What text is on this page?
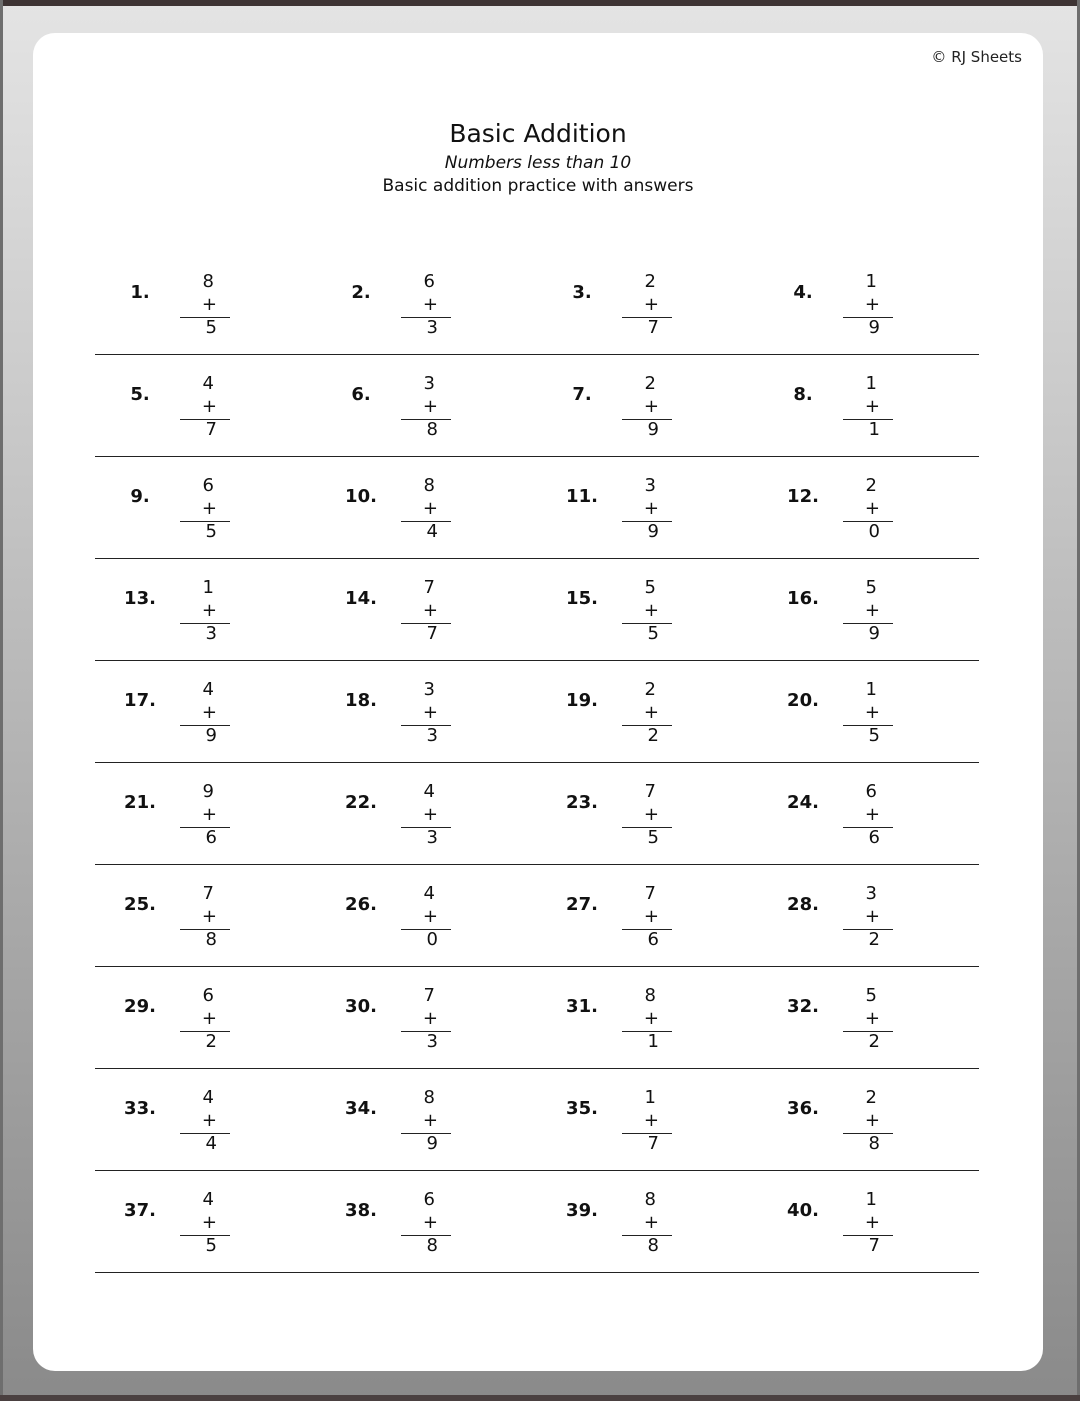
© RJ Sheets
Basic Addition
Numbers less than 10
Basic addition practice with answers
1.
8
+ 5
2.
6
+ 3
3.
2
+ 7
4.
1
+ 9
5.
4
+ 7
6.
3
+ 8
7.
2
+ 9
8.
1
+ 1
9.
6
+ 5
10.
8
+ 4
11.
3
+ 9
12.
2
+ 0
13.
1
+ 3
14.
7
+ 7
15.
5
+ 5
16.
5
+ 9
17.
4
+ 9
18.
3
+ 3
19.
2
+ 2
20.
1
+ 5
21.
9
+ 6
22.
4
+ 3
23.
7
+ 5
24.
6
+ 6
25.
7
+ 8
26.
4
+ 0
27.
7
+ 6
28.
3
+ 2
29.
6
+ 2
30.
7
+ 3
31.
8
+ 1
32.
5
+ 2
33.
4
+ 4
34.
8
+ 9
35.
1
+ 7
36.
2
+ 8
37.
4
+ 5
38.
6
+ 8
39.
8
+ 8
40.
1
+ 7
